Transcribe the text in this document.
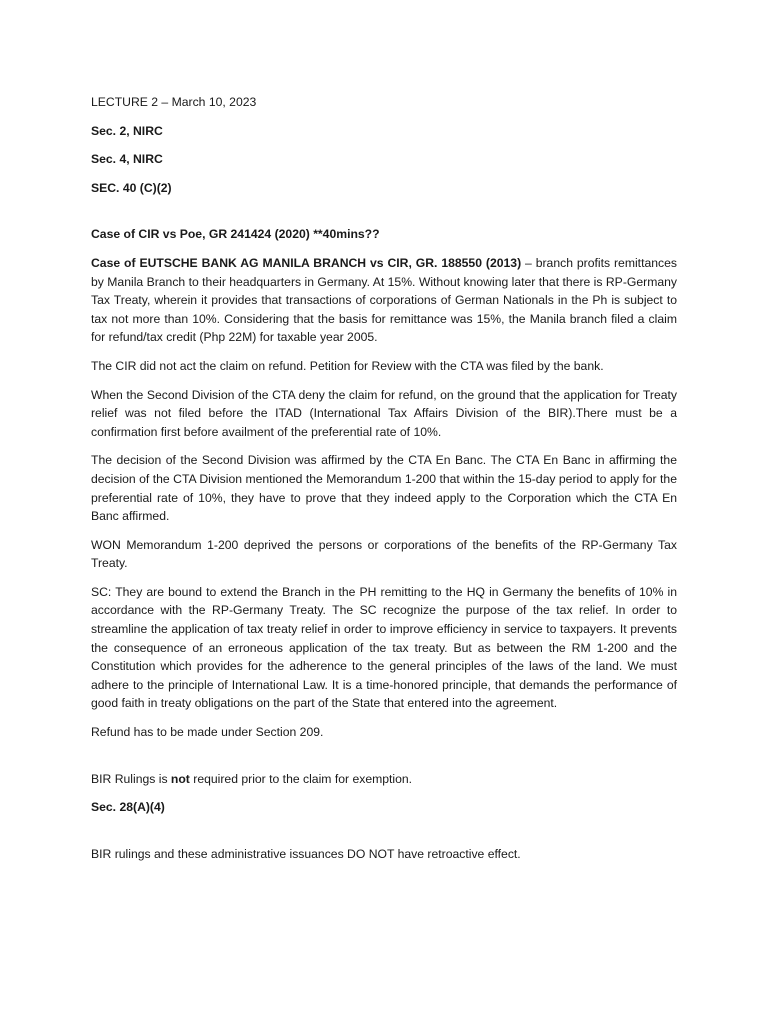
LECTURE 2 – March 10, 2023

Sec. 2, NIRC

Sec. 4, NIRC

SEC. 40 (C)(2)

Case of CIR vs Poe, GR 241424 (2020) **40mins??

Case of EUTSCHE BANK AG MANILA BRANCH vs CIR, GR. 188550 (2013) – branch profits remittances by Manila Branch to their headquarters in Germany. At 15%. Without knowing later that there is RP-Germany Tax Treaty, wherein it provides that transactions of corporations of German Nationals in the Ph is subject to tax not more than 10%. Considering that the basis for remittance was 15%, the Manila branch filed a claim for refund/tax credit (Php 22M) for taxable year 2005.

The CIR did not act the claim on refund. Petition for Review with the CTA was filed by the bank.

When the Second Division of the CTA deny the claim for refund, on the ground that the application for Treaty relief was not filed before the ITAD (International Tax Affairs Division of the BIR).There must be a confirmation first before availment of the preferential rate of 10%.

The decision of the Second Division was affirmed by the CTA En Banc. The CTA En Banc in affirming the decision of the CTA Division mentioned the Memorandum 1-200 that within the 15-day period to apply for the preferential rate of 10%, they have to prove that they indeed apply to the Corporation which the CTA En Banc affirmed.

WON Memorandum 1-200 deprived the persons or corporations of the benefits of the RP-Germany Tax Treaty.

SC: They are bound to extend the Branch in the PH remitting to the HQ in Germany the benefits of 10% in accordance with the RP-Germany Treaty. The SC recognize the purpose of the tax relief. In order to streamline the application of tax treaty relief in order to improve efficiency in service to taxpayers. It prevents the consequence of an erroneous application of the tax treaty. But as between the RM 1-200 and the Constitution which provides for the adherence to the general principles of the laws of the land. We must adhere to the principle of International Law. It is a time-honored principle, that demands the performance of good faith in treaty obligations on the part of the State that entered into the agreement.

Refund has to be made under Section 209.

BIR Rulings is not required prior to the claim for exemption.

Sec. 28(A)(4)

BIR rulings and these administrative issuances DO NOT have retroactive effect.
